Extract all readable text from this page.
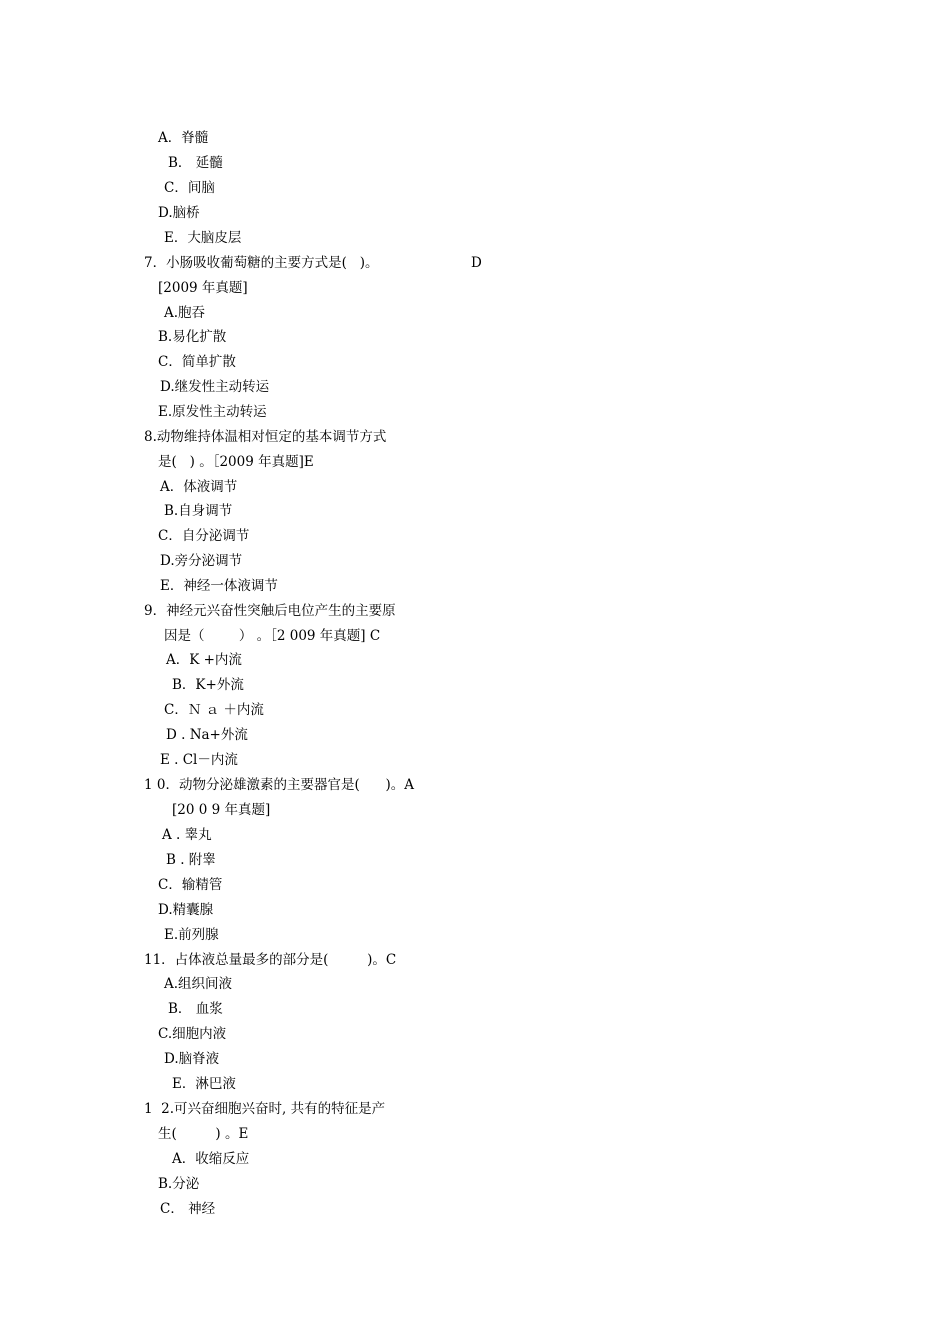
A．脊髓
B． 延髓
C．间脑
D.脑桥
E．大脑皮层
7．小肠吸收葡萄糖的主要方式是(   )。	D
[2009 年真题]
A.胞吞
B.易化扩散
C．简单扩散
D.继发性主动转运
E.原发性主动转运
8.动物维持体温相对恒定的基本调节方式
是(   ) 。［2009 年真题]E
A．体液调节
B.自身调节
C．自分泌调节
D.旁分泌调节
E．神经一体液调节
9．神经元兴奋性突触后电位产生的主要原
因是（        ） 。［2 009 年真题] C
A．K +内流
B．K+外流
C．Ｎ ａ ＋内流
D . Na+外流
E . Cl－内流
1 0．动物分泌雄激素的主要器官是(      )。A
[20 0 9 年真题]
A . 睾丸
B . 附睾
C．输精管
D.精囊腺
E.前列腺
11．占体液总量最多的部分是(         )。C
A.组织间液
B． 血浆
C.细胞内液
D.脑脊液
E．淋巴液
1  2.可兴奋细胞兴奋时, 共有的特征是产
生(         ) 。E
A．收缩反应
B.分泌
C． 神经
